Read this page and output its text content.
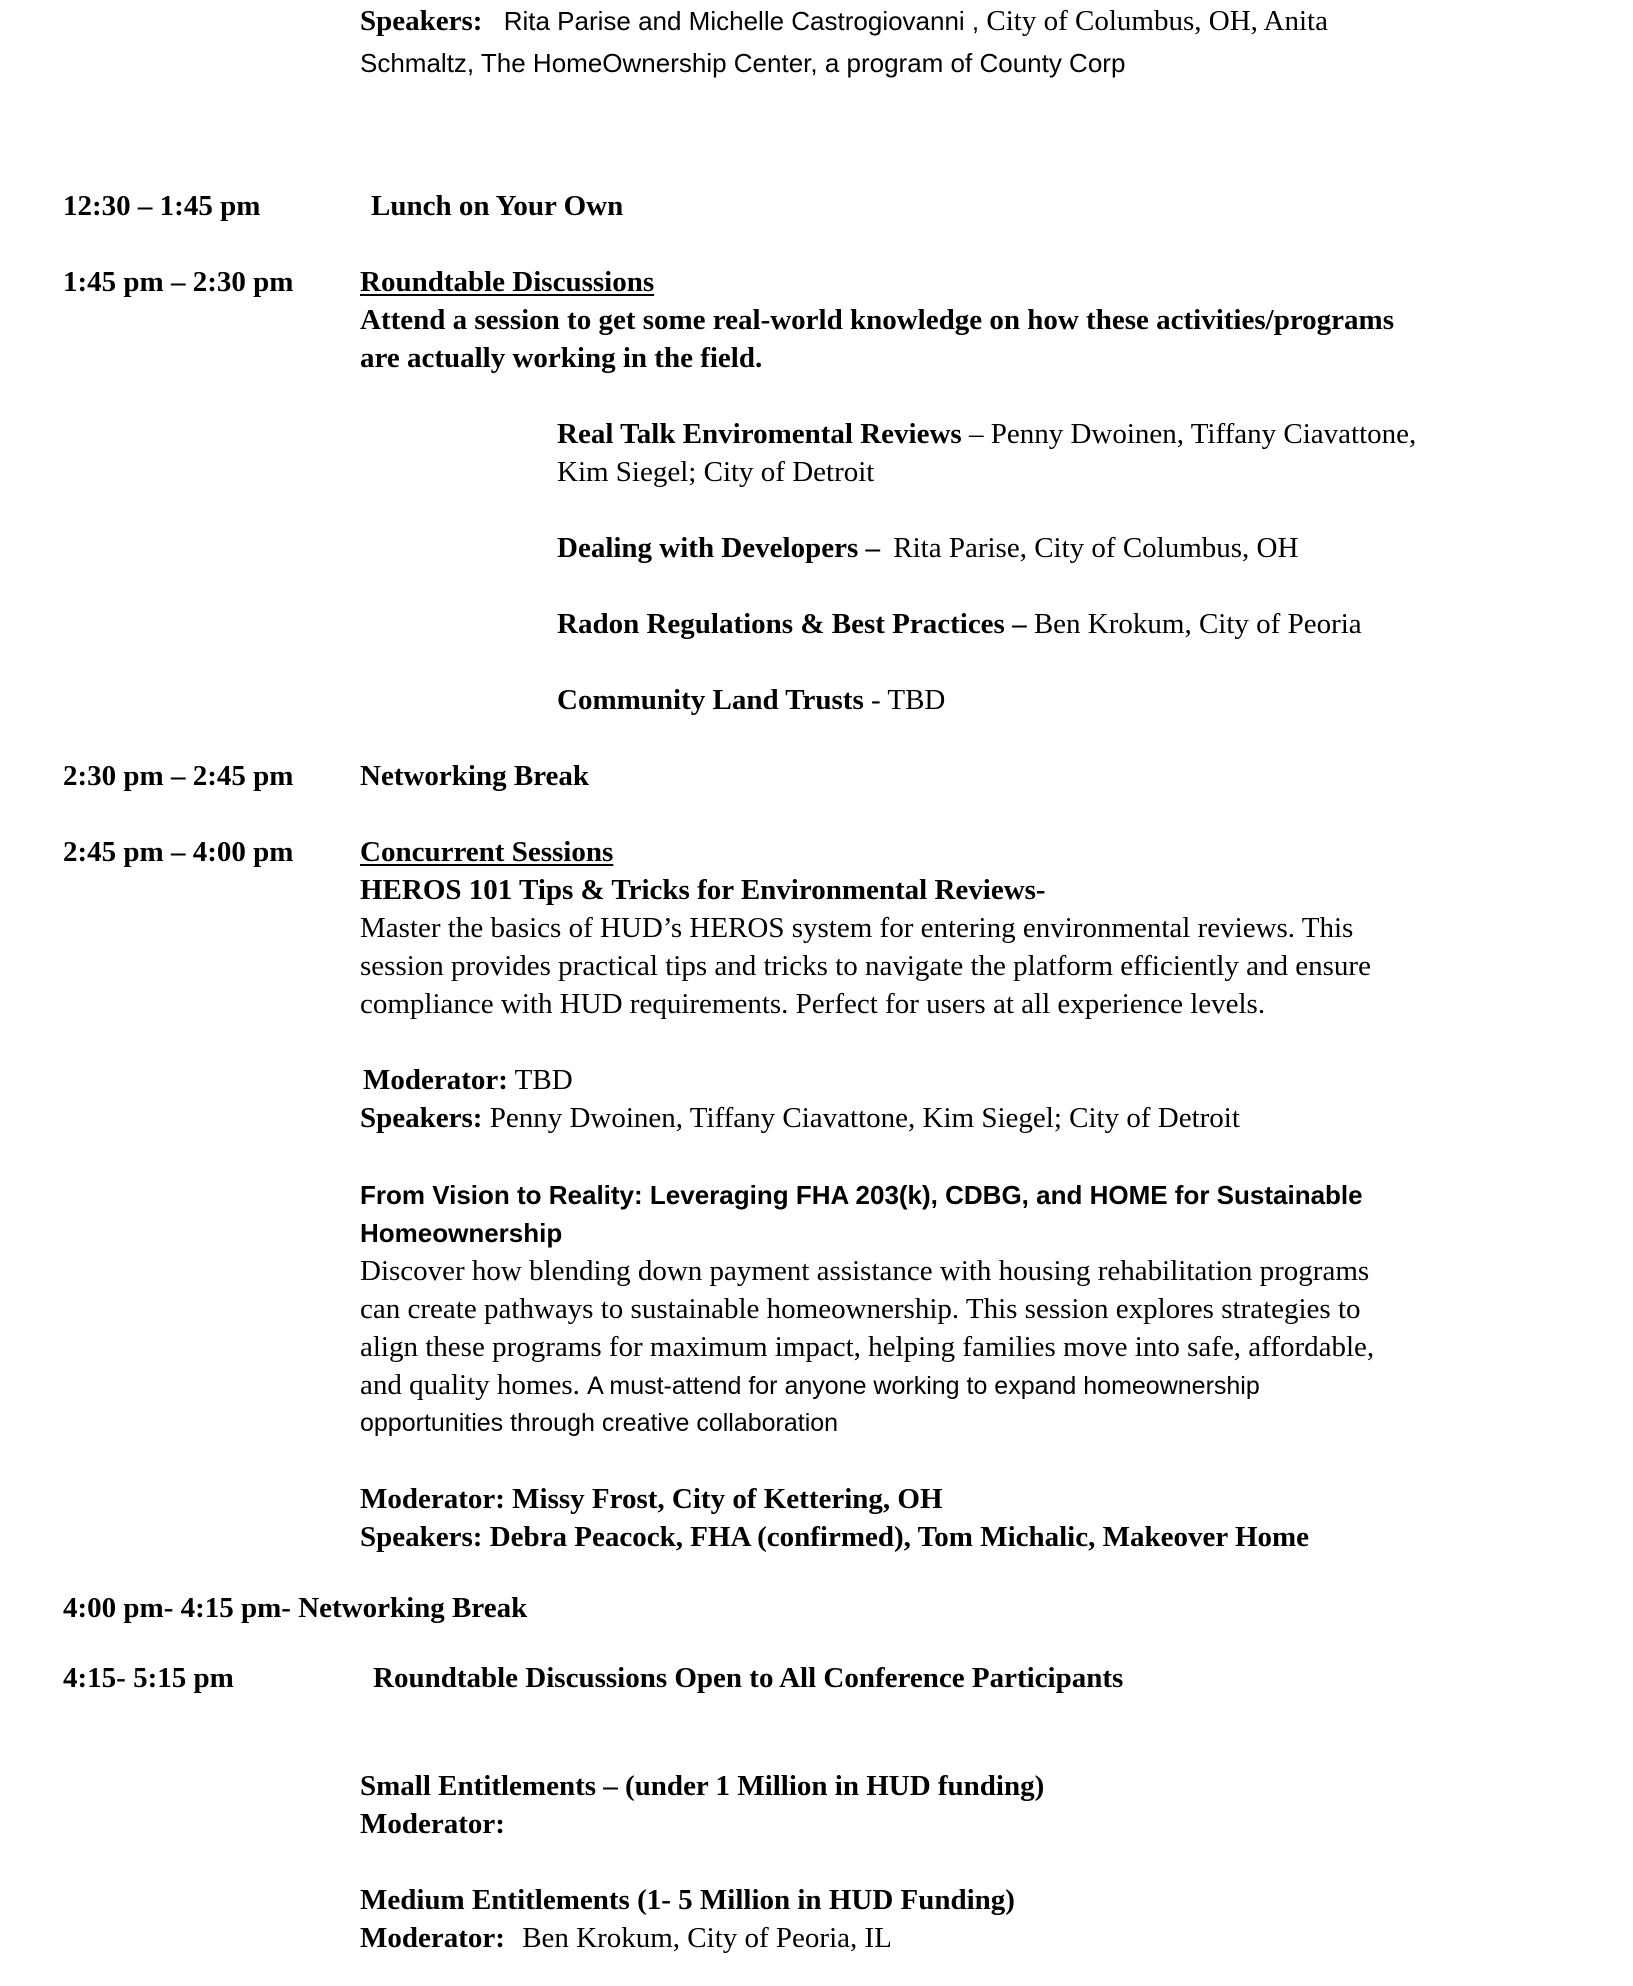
Speakers: Rita Parise and Michelle Castrogiovanni , City of Columbus, OH, Anita
Schmaltz, The HomeOwnership Center, a program of County Corp
12:30 – 1:45 pm	Lunch on Your Own
1:45 pm – 2:30 pm Roundtable Discussions
Attend a session to get some real-world knowledge on how these activities/programs
are actually working in the field.
Real Talk Enviromental Reviews – Penny Dwoinen, Tiffany Ciavattone,
Kim Siegel; City of Detroit
Dealing with Developers – Rita Parise, City of Columbus, OH
Radon Regulations & Best Practices – Ben Krokum, City of Peoria
Community Land Trusts - TBD
2:30 pm – 2:45 pm Networking Break
2:45 pm – 4:00 pm Concurrent Sessions
HEROS 101 Tips & Tricks for Environmental Reviews-
Master the basics of HUD’s HEROS system for entering environmental reviews. This
session provides practical tips and tricks to navigate the platform efficiently and ensure
compliance with HUD requirements. Perfect for users at all experience levels.
Moderator: TBD
Speakers: Penny Dwoinen, Tiffany Ciavattone, Kim Siegel; City of Detroit
From Vision to Reality: Leveraging FHA 203(k), CDBG, and HOME for Sustainable
Homeownership
Discover how blending down payment assistance with housing rehabilitation programs
can create pathways to sustainable homeownership. This session explores strategies to
align these programs for maximum impact, helping families move into safe, affordable,
and quality homes. A must-attend for anyone working to expand homeownership
opportunities through creative collaboration
Moderator: Missy Frost, City of Kettering, OH
Speakers: Debra Peacock, FHA (confirmed), Tom Michalic, Makeover Home
4:00 pm- 4:15 pm- Networking Break
4:15- 5:15 pm	Roundtable Discussions Open to All Conference Participants
Small Entitlements – (under 1 Million in HUD funding)
Moderator:
Medium Entitlements (1- 5 Million in HUD Funding)
Moderator: Ben Krokum, City of Peoria, IL
